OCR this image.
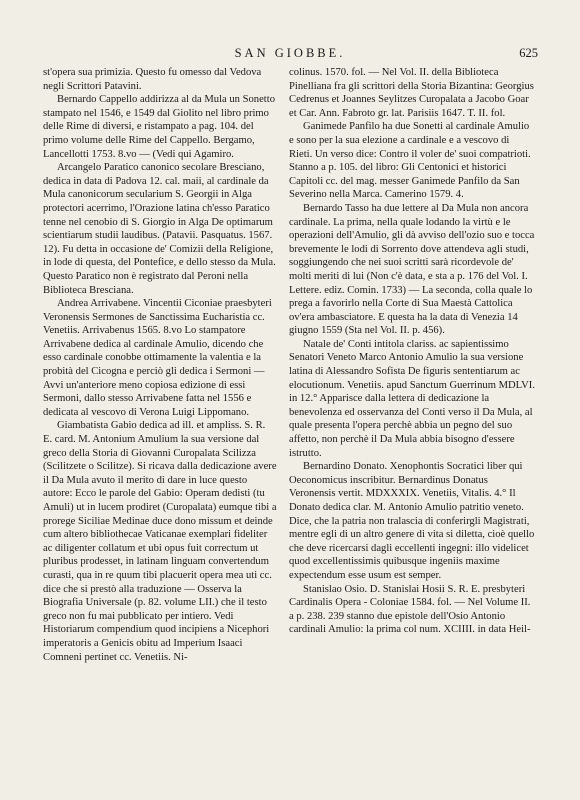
SAN GIOBBE.	625

st'opera sua primizia. Questo fu omesso dal Vedova negli Scrittori Patavini.

Bernardo Cappello addirizza al da Mula un Sonetto stampato nel 1546, e 1549 dal Giolito nel libro primo delle Rime di diversi, e ristampato a pag. 104. del primo volume delle Rime del Cappello. Bergamo, Lancellotti 1753. 8.vo — (Vedi qui Agamiro.

Arcangelo Paratico canonico secolare Bresciano, dedica in data di Padova 12. cal. maii, al cardinale da Mula canonicorum secularium S. Georgii in Alga protectori acerrimo, l'Orazione latina ch'esso Paratico tenne nel cenobio di S. Giorgio in Alga De optimarum scientiarum studii laudibus. (Patavii. Pasquatus. 1567. 12). Fu detta in occasione de' Comizii della Religione, in lode di questa, del Pontefice, e dello stesso da Mula. Questo Paratico non è registrato dal Peroni nella Biblioteca Bresciana.

Andrea Arrivabene. Vincentii Ciconiae praesbyteri Veronensis Sermones de Sanctissima Eucharistia cc. Venetiis. Arrivabenus 1565. 8.vo Lo stampatore Arrivabene dedica al cardinale Amulio, dicendo che esso cardinale conobbe ottimamente la valentia e la probità del Cicogna e perciò gli dedica i Sermoni — Avvi un'anteriore meno copiosa edizione di essi Sermoni, dallo stesso Arrivabene fatta nel 1556 e dedicata al vescovo di Verona Luigi Lippomano.

Giambatista Gabio dedica ad ill. et ampliss. S. R. E. card. M. Antonium Amulium la sua versione dal greco della Storia di Giovanni Curopalata Scilizza (Scilitzete o Scilitze). Si ricava dalla dedicazione avere il Da Mula avuto il merito di dare in luce questo autore: Ecco le parole del Gabio: Operam dedisti (tu Amuli) ut in lucem prodiret (Curopalata) eumque tibi a prorege Siciliae Medinae duce dono missum et deinde cum altero bibliothecae Vaticanae exemplari fideliter ac diligenter collatum et ubi opus fuit correctum ut pluribus prodesset, in latinam linguam convertendum curasti, qua in re quum tibi placuerit opera mea uti cc. dice che si prestò alla traduzione — Osserva la Biografia Universale (p. 82. volume LII.) che il testo greco non fu mai pubblicato per intiero. Vedi Historiarum compendium quod incipiens a Nicephori imperatoris a Genicis obitu ad Imperium Isaaci Comneni pertinet cc. Venetiis. Ni-

colinus. 1570. fol. — Nel Vol. II. della Biblioteca Pinelliana fra gli scrittori della Storia Bizantina: Georgius Cedrenus et Joannes Seylitzes Curopalata a Jacobo Goar et Car. Ann. Fabroto gr. lat. Parisiis 1647. T. II. fol.

Ganimede Panfilo ha due Sonetti al cardinale Amulio e sono per la sua elezione a cardinale e a vescovo di Rieti. Un verso dice: Contro il voler de' suoi compatrioti. Stanno a p. 105. del libro: Gli Centonici et historici Capitoli cc. del mag. messer Ganimede Panfilo da San Severino nella Marca. Camerino 1579. 4.

Bernardo Tasso ha due lettere al Da Mula non ancora cardinale. La prima, nella quale lodando la virtù e le operazioni dell'Amulio, gli dà avviso dell'ozio suo e tocca brevemente le lodi di Sorrento dove attendeva agli studi, soggiungendo che nei suoi scritti sarà ricordevole de' molti meriti di lui (Non c'è data, e sta a p. 176 del Vol. I. Lettere. ediz. Comin. 1733) — La seconda, colla quale lo prega a favorirlo nella Corte di Sua Maestà Cattolica ov'era ambasciatore. E questa ha la data di Venezia 14 giugno 1559 (Sta nel Vol. II. p. 456).

Natale de' Conti intitola clariss. ac sapientissimo Senatori Veneto Marco Antonio Amulio la sua versione latina di Alessandro Sofista De figuris sententiarum ac elocutionum. Venetiis. apud Sanctum Guerrinum MDLVI. in 12.° Apparisce dalla lettera di dedicazione la benevolenza ed osservanza del Conti verso il Da Mula, al quale presenta l'opera perchè abbia un pegno del suo affetto, non perchè il Da Mula abbia bisogno d'essere istrutto.

Bernardino Donato. Xenophontis Socratici liber qui Oeconomicus inscribitur. Bernardinus Donatus Veronensis vertit. MDXXXIX. Venetiis, Vitalis. 4.° Il Donato dedica clar. M. Antonio Amulio patritio veneto. Dice, che la patria non tralascia di conferirgli Magistrati, mentre egli di un altro genere di vita si diletta, cioè quello che deve ricercarsi dagli eccellenti ingegni: illo videlicet quod excellentissimis quibusque ingeniis maxime expectendum esse usum est semper.

Stanislao Osio. D. Stanislai Hosii S. R. E. presbyteri Cardinalis Opera - Coloniae 1584. fol. — Nel Volume II. a p. 238. 239 stanno due epistole dell'Osio Antonio cardinali Amulio: la prima col num. XCIIII. in data Heil-
